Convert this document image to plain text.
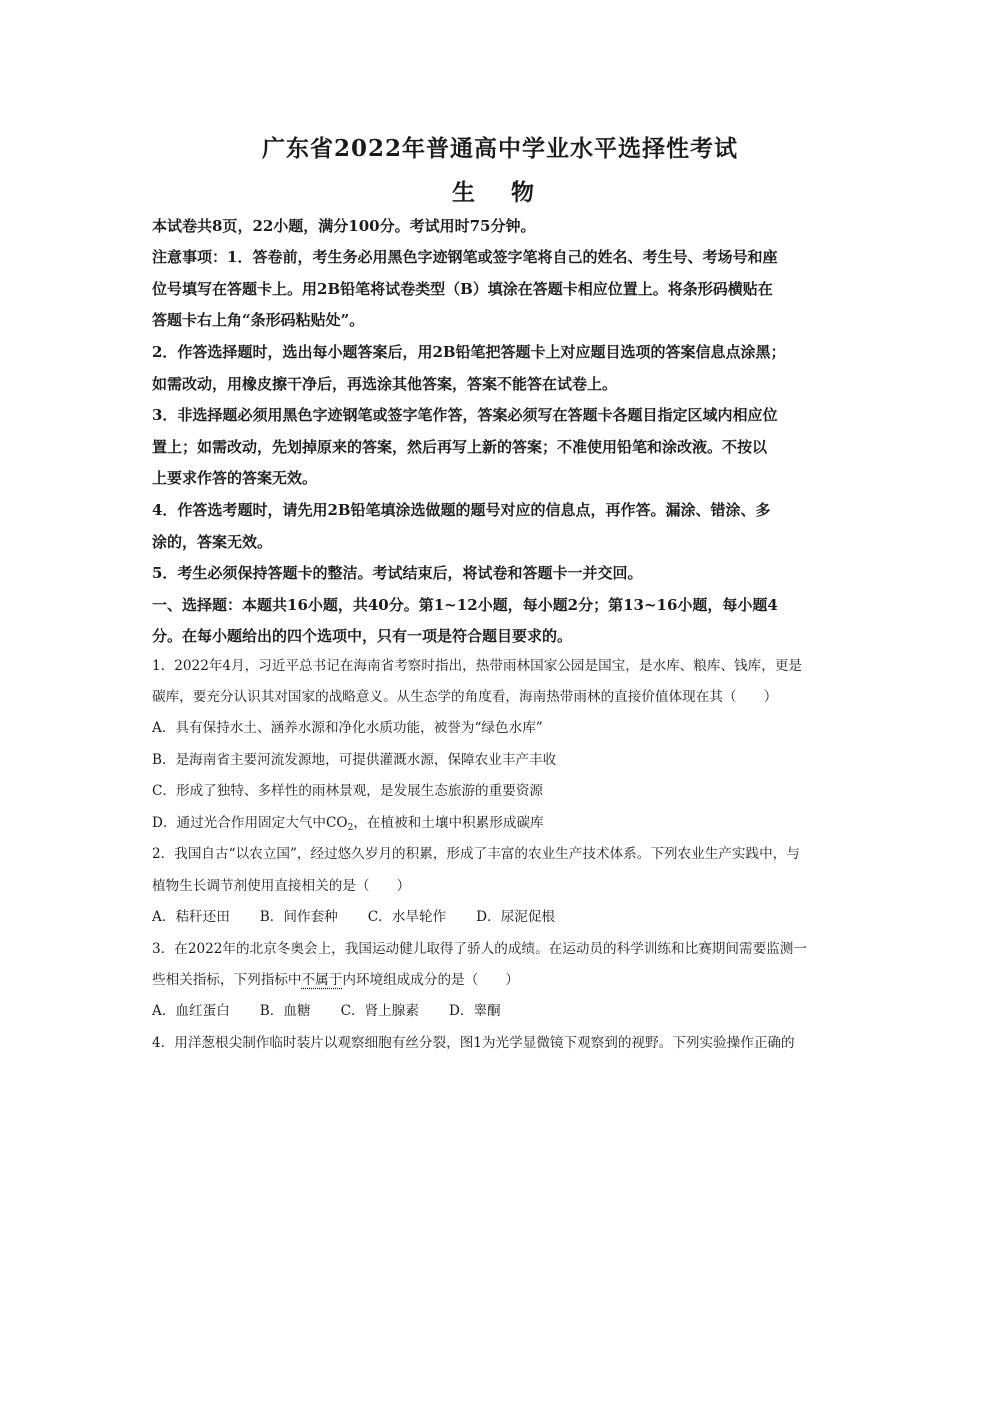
广东省2022年普通高中学业水平选择性考试
生 物

本试卷共8页，22小题，满分100分。考试用时75分钟。

注意事项：1．答卷前，考生务必用黑色字迹钢笔或签字笔将自己的姓名、考生号、考场号和座

位号填写在答题卡上。用2B铅笔将试卷类型（B）填涂在答题卡相应位置上。将条形码横贴在

答题卡右上角“条形码粘贴处”。

2．作答选择题时，选出每小题答案后，用2B铅笔把答题卡上对应题目选项的答案信息点涂黑；

如需改动，用橡皮擦干净后，再选涂其他答案，答案不能答在试卷上。

3．非选择题必须用黑色字迹钢笔或签字笔作答，答案必须写在答题卡各题目指定区域内相应位

置上；如需改动，先划掉原来的答案，然后再写上新的答案；不准使用铅笔和涂改液。不按以

上要求作答的答案无效。

4．作答选考题时，请先用2B铅笔填涂选做题的题号对应的信息点，再作答。漏涂、错涂、多

涂的，答案无效。

5．考生必须保持答题卡的整洁。考试结束后，将试卷和答题卡一并交回。

一、选择题：本题共16小题，共40分。第1~12小题，每小题2分；第13~16小题，每小题4

分。在每小题给出的四个选项中，只有一项是符合题目要求的。

1．2022年4月，习近平总书记在海南省考察时指出，热带雨林国家公园是国宝，是水库、粮库、钱库，更是

碳库，要充分认识其对国家的战略意义。从生态学的角度看，海南热带雨林的直接价值体现在其（　　）

A．具有保持水土、涵养水源和净化水质功能，被誉为“绿色水库”

B．是海南省主要河流发源地，可提供灌溉水源，保障农业丰产丰收

C．形成了独特、多样性的雨林景观，是发展生态旅游的重要资源

D．通过光合作用固定大气中$CO_2$，在植被和土壤中积累形成碳库

2．我国自古“以农立国”，经过悠久岁月的积累，形成了丰富的农业生产技术体系。下列农业生产实践中，与

植物生长调节剂使用直接相关的是（　　）

A．秸秆还田 B．间作套种 C．水旱轮作 D．尿泥促根

3．在2022年的北京冬奥会上，我国运动健儿取得了骄人的成绩。在运动员的科学训练和比赛期间需要监测一

些相关指标，下列指标中不属于内环境组成成分的是（　　）

A．血红蛋白 B．血糖 C．肾上腺素 D．睾酮

4．用洋葱根尖制作临时装片以观察细胞有丝分裂，图1为光学显微镜下观察到的视野。下列实验操作正确的
